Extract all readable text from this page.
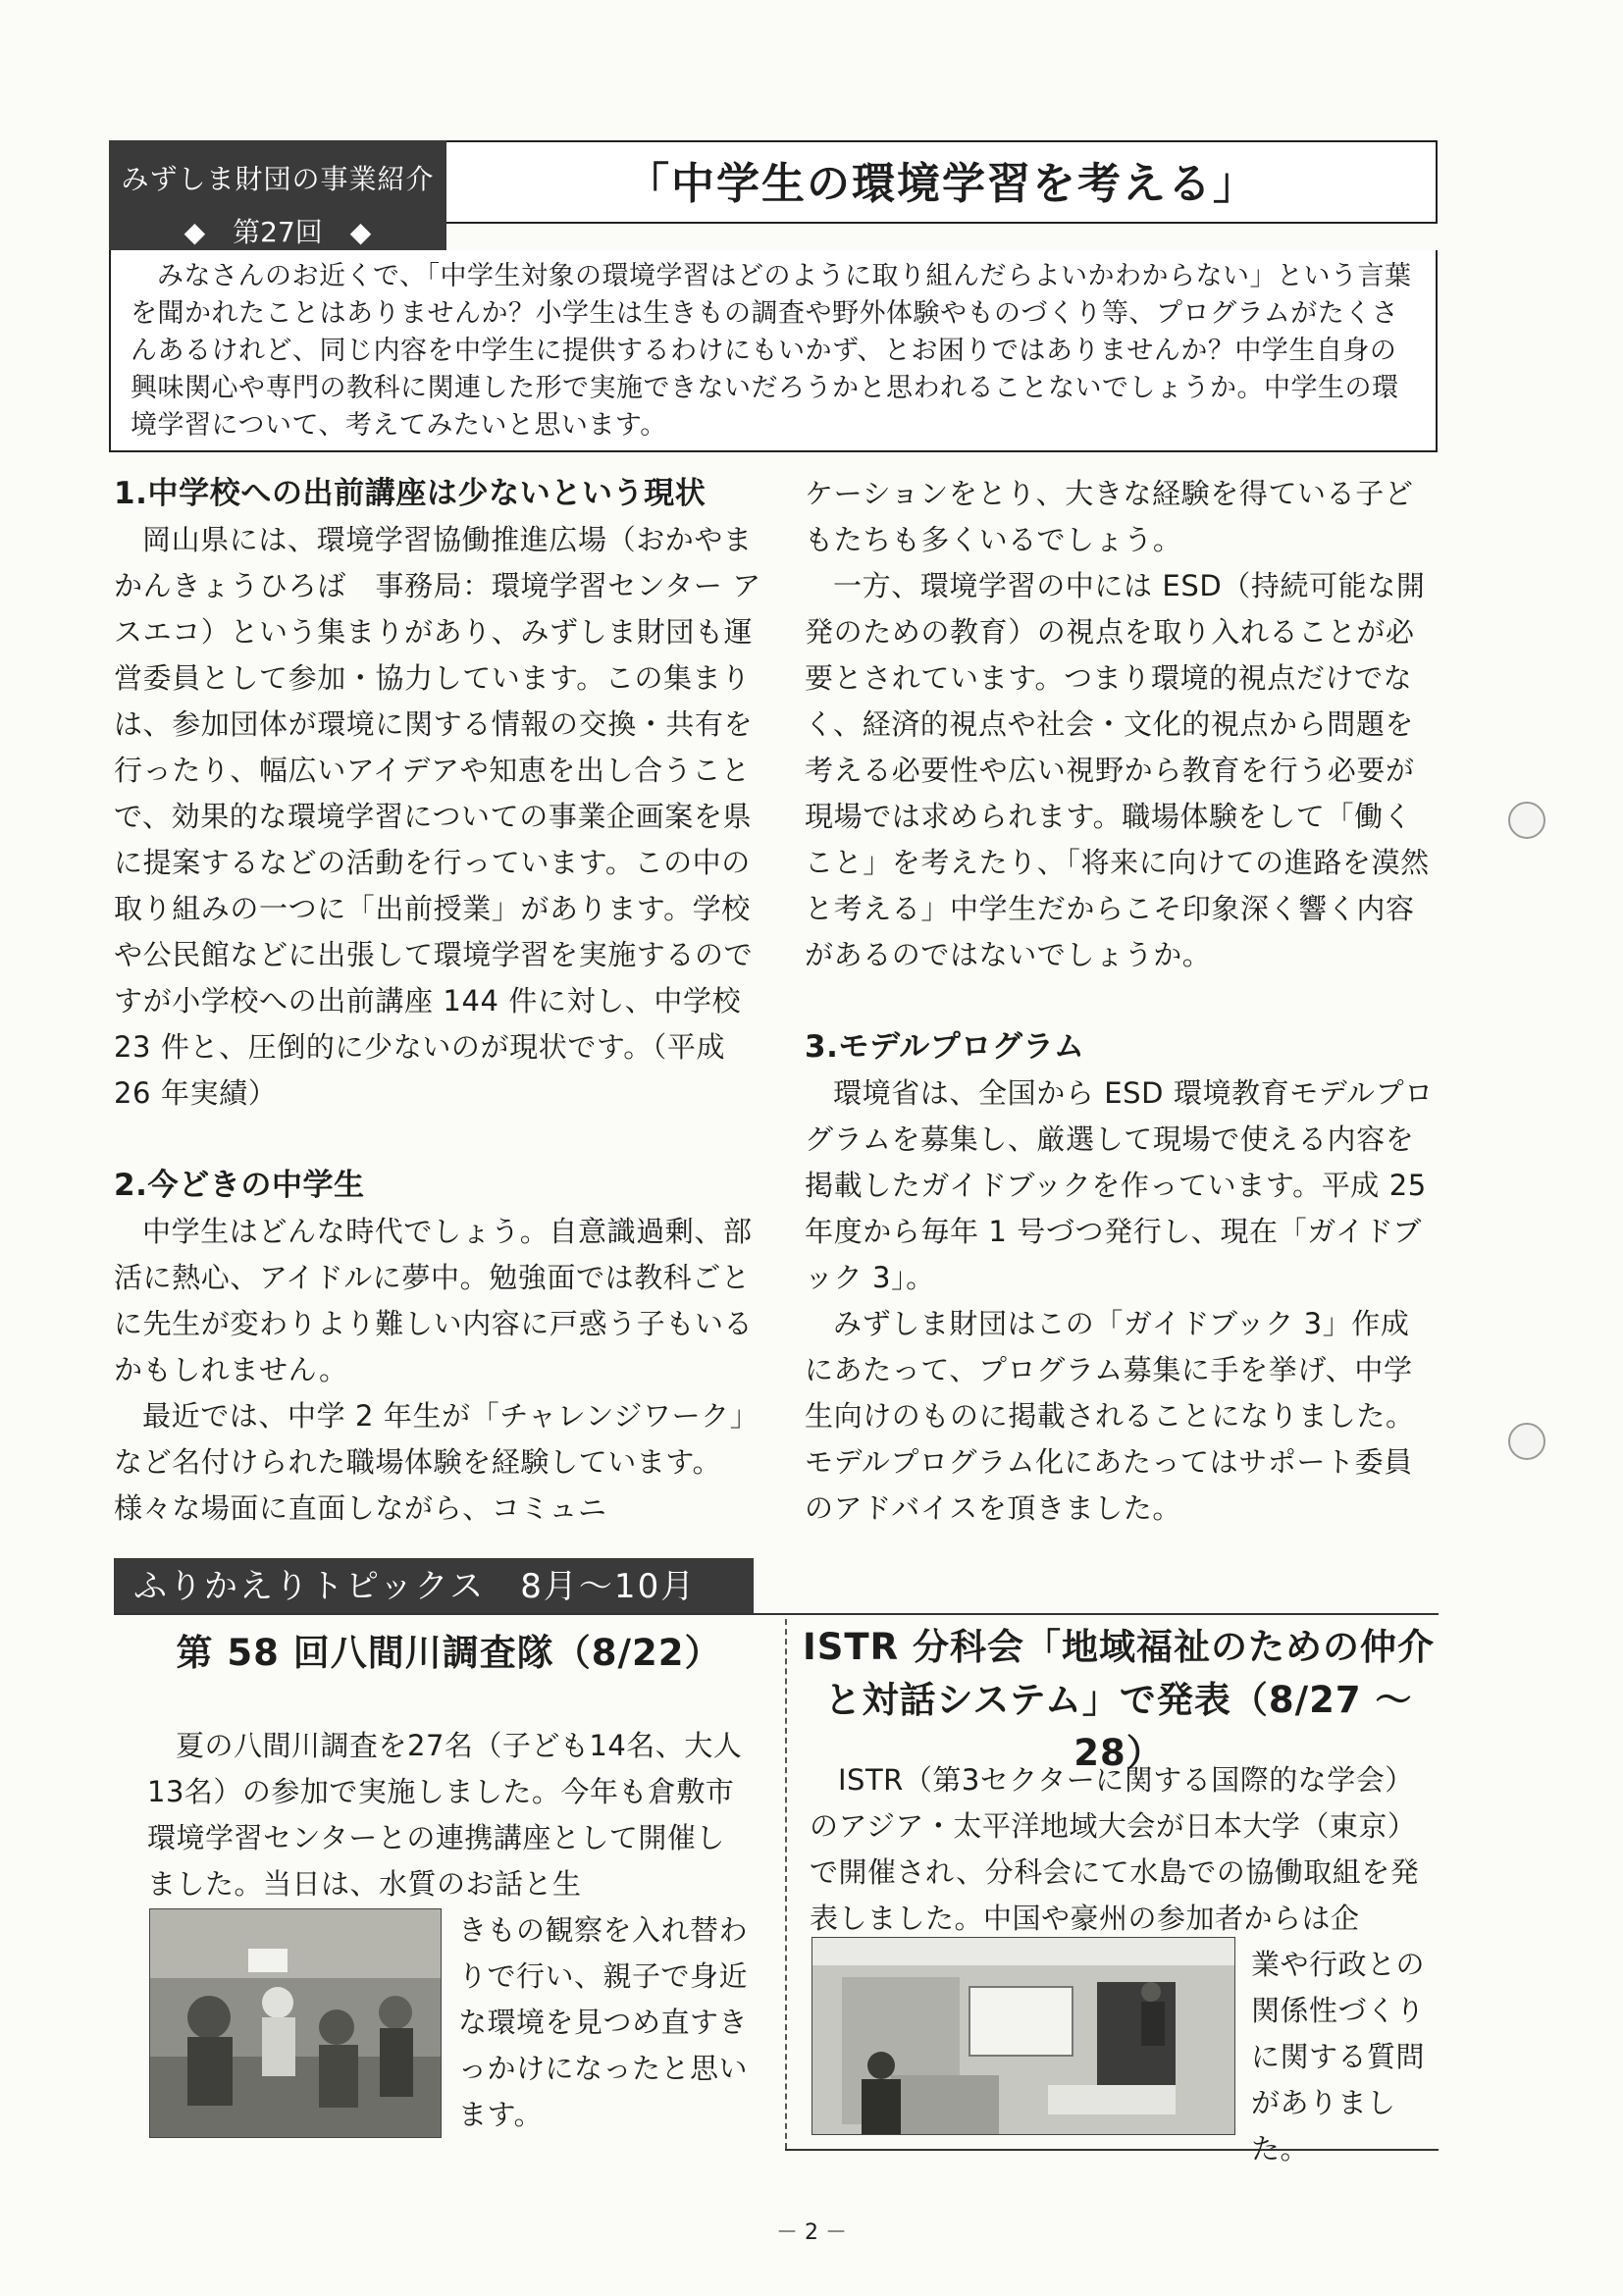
みずしま財団の事業紹介
◆　第27回　◆
「中学生の環境学習を考える」
みなさんのお近くで、「中学生対象の環境学習はどのように取り組んだらよいかわからない」という言葉を聞かれたことはありませんか？小学生は生きもの調査や野外体験やものづくり等、プログラムがたくさんあるけれど、同じ内容を中学生に提供するわけにもいかず、とお困りではありませんか？中学生自身の興味関心や専門の教科に関連した形で実施できないだろうかと思われることないでしょうか。中学生の環境学習について、考えてみたいと思います。
1.中学校への出前講座は少ないという現状

岡山県には、環境学習協働推進広場（おかやまかんきょうひろば　事務局：環境学習センター アスエコ）という集まりがあり、みずしま財団も運営委員として参加・協力しています。この集まりは、参加団体が環境に関する情報の交換・共有を行ったり、幅広いアイデアや知恵を出し合うことで、効果的な環境学習についての事業企画案を県に提案するなどの活動を行っています。この中の取り組みの一つに「出前授業」があります。学校や公民館などに出張して環境学習を実施するのですが小学校への出前講座 144 件に対し、中学校 23 件と、圧倒的に少ないのが現状です。（平成 26 年実績）

2.今どきの中学生

中学生はどんな時代でしょう。自意識過剰、部活に熱心、アイドルに夢中。勉強面では教科ごとに先生が変わりより難しい内容に戸惑う子もいるかもしれません。

最近では、中学 2 年生が「チャレンジワーク」など名付けられた職場体験を経験しています。様々な場面に直面しながら、コミュニ

ケーションをとり、大きな経験を得ている子どもたちも多くいるでしょう。

一方、環境学習の中には ESD（持続可能な開発のための教育）の視点を取り入れることが必要とされています。つまり環境的視点だけでなく、経済的視点や社会・文化的視点から問題を考える必要性や広い視野から教育を行う必要が現場では求められます。職場体験をして「働くこと」を考えたり、「将来に向けての進路を漠然と考える」中学生だからこそ印象深く響く内容があるのではないでしょうか。

3.モデルプログラム

環境省は、全国から ESD 環境教育モデルプログラムを募集し、厳選して現場で使える内容を掲載したガイドブックを作っています。平成 25 年度から毎年 1 号づつ発行し、現在「ガイドブック 3」。

みずしま財団はこの「ガイドブック 3」作成にあたって、プログラム募集に手を挙げ、中学生向けのものに掲載されることになりました。モデルプログラム化にあたってはサポート委員のアドバイスを頂きました。

ふりかえりトピックス　8月～10月
第 58 回八間川調査隊（8/22）
夏の八間川調査を27名（子ども14名、大人13名）の参加で実施しました。今年も倉敷市環境学習センターとの連携講座として開催しました。当日は、水質のお話と生
きもの観察を入れ替わりで行い、親子で身近な環境を見つめ直すきっかけになったと思います。
ISTR 分科会「地域福祉のための仲介と対話システム」で発表（8/27 ～ 28）
ISTR（第3セクターに関する国際的な学会）のアジア・太平洋地域大会が日本大学（東京）で開催され、分科会にて水島での協働取組を発表しました。中国や豪州の参加者からは企
業や行政との関係性づくりに関する質問がありました。
－ 2 －
